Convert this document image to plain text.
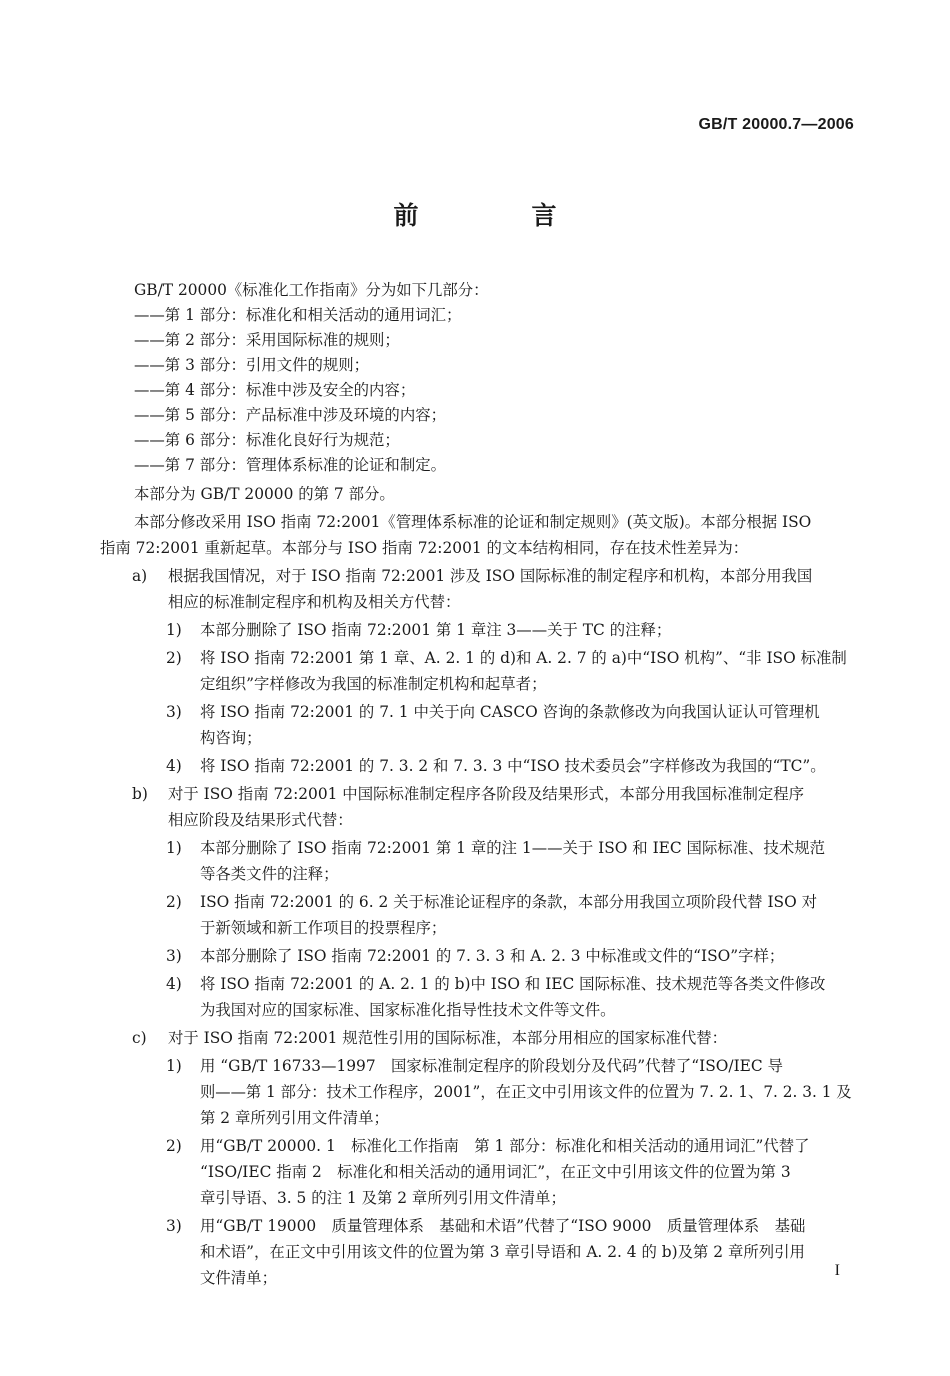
GB/T 20000.7—2006
前　言

GB/T 20000《标准化工作指南》分为如下几部分：

——第 1 部分：标准化和相关活动的通用词汇；

——第 2 部分：采用国际标准的规则；

——第 3 部分：引用文件的规则；

——第 4 部分：标准中涉及安全的内容；

——第 5 部分：产品标准中涉及环境的内容；

——第 6 部分：标准化良好行为规范；

——第 7 部分：管理体系标准的论证和制定。

本部分为 GB/T 20000 的第 7 部分。

本部分修改采用 ISO 指南 72:2001《管理体系标准的论证和制定规则》(英文版)。本部分根据 ISO

指南 72:2001 重新起草。本部分与 ISO 指南 72:2001 的文本结构相同，存在技术性差异为：

a) 根据我国情况，对于 ISO 指南 72:2001 涉及 ISO 国际标准的制定程序和机构，本部分用我国

相应的标准制定程序和机构及相关方代替：

1) 本部分删除了 ISO 指南 72:2001 第 1 章注 3——关于 TC 的注释；

2) 将 ISO 指南 72:2001 第 1 章、A. 2. 1 的 d)和 A. 2. 7 的 a)中“ISO 机构”、“非 ISO 标准制

定组织”字样修改为我国的标准制定机构和起草者；

3) 将 ISO 指南 72:2001 的 7. 1 中关于向 CASCO 咨询的条款修改为向我国认证认可管理机

构咨询；

4) 将 ISO 指南 72:2001 的 7. 3. 2 和 7. 3. 3 中“ISO 技术委员会”字样修改为我国的“TC”。

b) 对于 ISO 指南 72:2001 中国际标准制定程序各阶段及结果形式，本部分用我国标准制定程序

相应阶段及结果形式代替：

1) 本部分删除了 ISO 指南 72:2001 第 1 章的注 1——关于 ISO 和 IEC 国际标准、技术规范

等各类文件的注释；

2) ISO 指南 72:2001 的 6. 2 关于标准论证程序的条款，本部分用我国立项阶段代替 ISO 对

于新领域和新工作项目的投票程序；

3) 本部分删除了 ISO 指南 72:2001 的 7. 3. 3 和 A. 2. 3 中标准或文件的“ISO”字样；

4) 将 ISO 指南 72:2001 的 A. 2. 1 的 b)中 ISO 和 IEC 国际标准、技术规范等各类文件修改

为我国对应的国家标准、国家标准化指导性技术文件等文件。

c) 对于 ISO 指南 72:2001 规范性引用的国际标准，本部分用相应的国家标准代替：

1) 用 “GB/T 16733—1997　国家标准制定程序的阶段划分及代码”代替了“ISO/IEC 导

则——第 1 部分：技术工作程序，2001”，在正文中引用该文件的位置为 7. 2. 1、7. 2. 3. 1 及

第 2 章所列引用文件清单；

2) 用“GB/T 20000. 1　标准化工作指南　第 1 部分：标准化和相关活动的通用词汇”代替了

“ISO/IEC 指南 2　标准化和相关活动的通用词汇”，在正文中引用该文件的位置为第 3

章引导语、3. 5 的注 1 及第 2 章所列引用文件清单；

3) 用“GB/T 19000　质量管理体系　基础和术语”代替了“ISO 9000　质量管理体系　基础

和术语”，在正文中引用该文件的位置为第 3 章引导语和 A. 2. 4 的 b)及第 2 章所列引用

文件清单；	I
